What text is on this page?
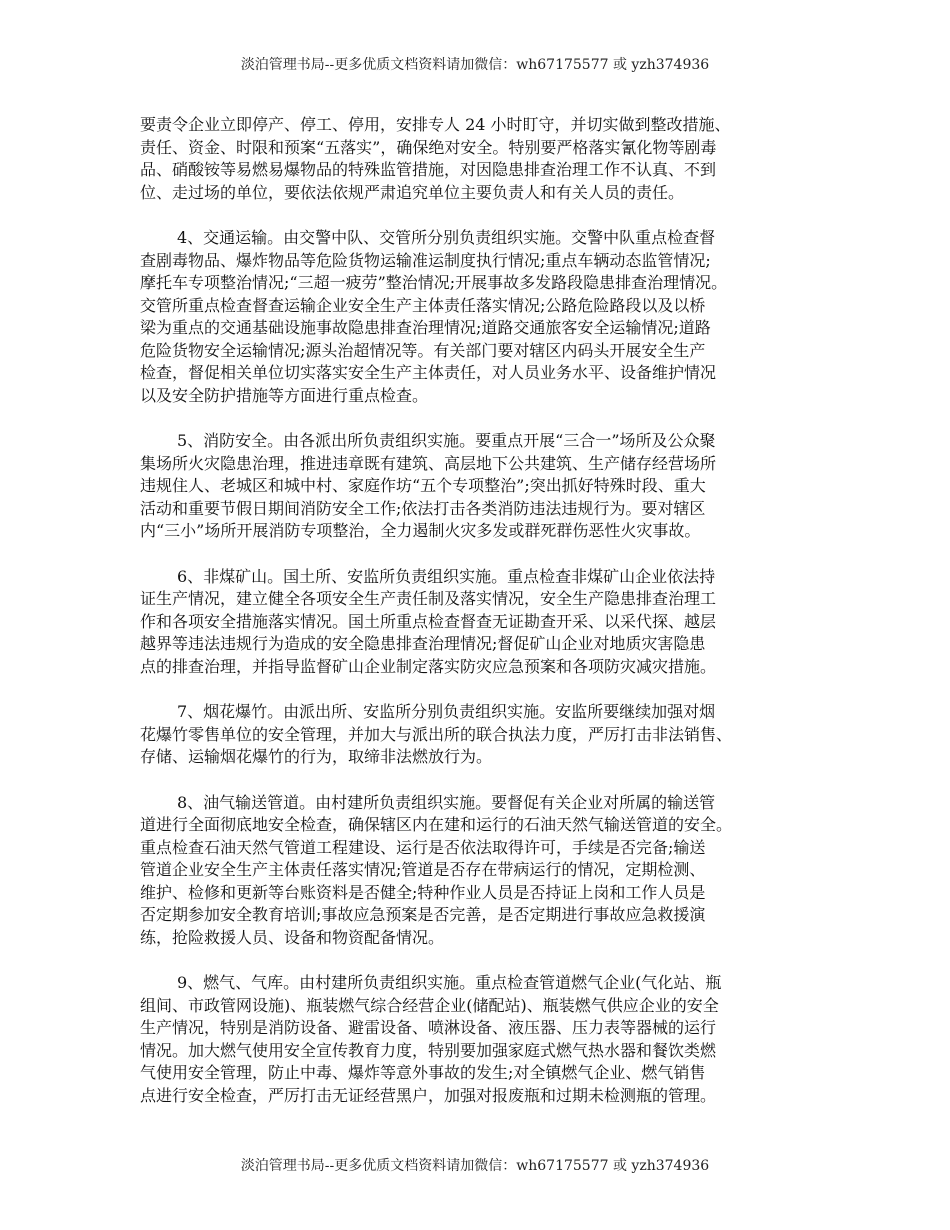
淡泊管理书局--更多优质文档资料请加微信：wh67175577 或 yzh374936
要责令企业立即停产、停工、停用，安排专人 24 小时盯守，并切实做到整改措施、
责任、资金、时限和预案“五落实”，确保绝对安全。特别要严格落实氰化物等剧毒
品、硝酸铵等易燃易爆物品的特殊监管措施，对因隐患排查治理工作不认真、不到
位、走过场的单位，要依法依规严肃追究单位主要负责人和有关人员的责任。
4、交通运输。由交警中队、交管所分别负责组织实施。交警中队重点检查督
查剧毒物品、爆炸物品等危险货物运输准运制度执行情况;重点车辆动态监管情况;
摩托车专项整治情况;“三超一疲劳”整治情况;开展事故多发路段隐患排查治理情况。
交管所重点检查督查运输企业安全生产主体责任落实情况;公路危险路段以及以桥
梁为重点的交通基础设施事故隐患排查治理情况;道路交通旅客安全运输情况;道路
危险货物安全运输情况;源头治超情况等。有关部门要对辖区内码头开展安全生产
检查，督促相关单位切实落实安全生产主体责任，对人员业务水平、设备维护情况
以及安全防护措施等方面进行重点检查。
5、消防安全。由各派出所负责组织实施。要重点开展“三合一”场所及公众聚
集场所火灾隐患治理，推进违章既有建筑、高层地下公共建筑、生产储存经营场所
违规住人、老城区和城中村、家庭作坊“五个专项整治”;突出抓好特殊时段、重大
活动和重要节假日期间消防安全工作;依法打击各类消防违法违规行为。要对辖区
内“三小”场所开展消防专项整治，全力遏制火灾多发或群死群伤恶性火灾事故。
6、非煤矿山。国土所、安监所负责组织实施。重点检查非煤矿山企业依法持
证生产情况，建立健全各项安全生产责任制及落实情况，安全生产隐患排查治理工
作和各项安全措施落实情况。国土所重点检查督查无证勘查开采、以采代探、越层
越界等违法违规行为造成的安全隐患排查治理情况;督促矿山企业对地质灾害隐患
点的排查治理，并指导监督矿山企业制定落实防灾应急预案和各项防灾减灾措施。
7、烟花爆竹。由派出所、安监所分别负责组织实施。安监所要继续加强对烟
花爆竹零售单位的安全管理，并加大与派出所的联合执法力度，严厉打击非法销售、
存储、运输烟花爆竹的行为，取缔非法燃放行为。
8、油气输送管道。由村建所负责组织实施。要督促有关企业对所属的输送管
道进行全面彻底地安全检查，确保辖区内在建和运行的石油天然气输送管道的安全。
重点检查石油天然气管道工程建设、运行是否依法取得许可，手续是否完备;输送
管道企业安全生产主体责任落实情况;管道是否存在带病运行的情况，定期检测、
维护、检修和更新等台账资料是否健全;特种作业人员是否持证上岗和工作人员是
否定期参加安全教育培训;事故应急预案是否完善，是否定期进行事故应急救援演
练，抢险救援人员、设备和物资配备情况。
9、燃气、气库。由村建所负责组织实施。重点检查管道燃气企业(气化站、瓶
组间、市政管网设施)、瓶装燃气综合经营企业(储配站)、瓶装燃气供应企业的安全
生产情况，特别是消防设备、避雷设备、喷淋设备、液压器、压力表等器械的运行
情况。加大燃气使用安全宣传教育力度，特别要加强家庭式燃气热水器和餐饮类燃
气使用安全管理，防止中毒、爆炸等意外事故的发生;对全镇燃气企业、燃气销售
点进行安全检查，严厉打击无证经营黑户，加强对报废瓶和过期未检测瓶的管理。
淡泊管理书局--更多优质文档资料请加微信：wh67175577 或 yzh374936
